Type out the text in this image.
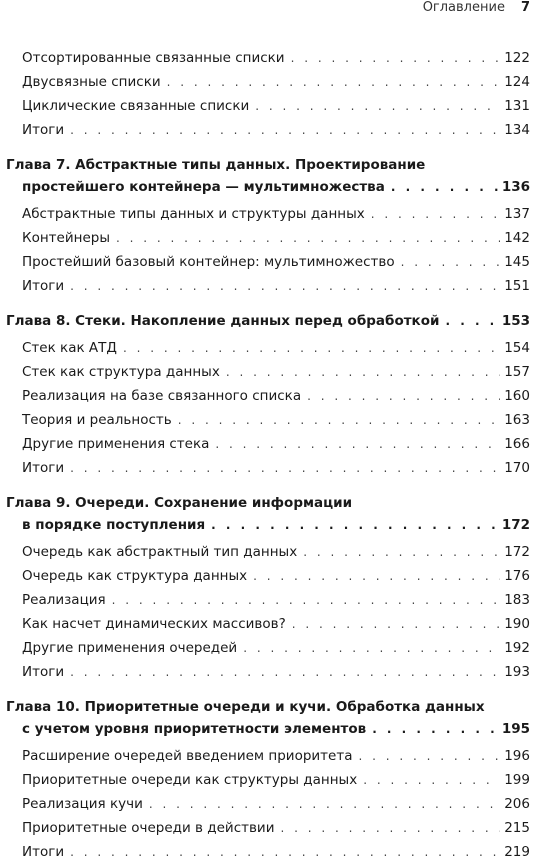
Оглавление 7
Отсортированные связанные списки . . .	122
Двусвязные списки . . .	124
Циклические связанные списки . . .	131
Итоги . . .	134
Глава 7. Абстрактные типы данных. Проектирование
простейшего контейнера — мультимножества . . .	136
Абстрактные типы данных и структуры данных . . .	137
Контейнеры . . .	142
Простейший базовый контейнер: мультимножество . . .	145
Итоги . . .	151
Глава 8. Стеки. Накопление данных перед обработкой . . .	153
Стек как АТД . . .	154
Стек как структура данных . . .	157
Реализация на базе связанного списка . . .	160
Теория и реальность . . .	163
Другие применения стека . . .	166
Итоги . . .	170
Глава 9. Очереди. Сохранение информации
в порядке поступления . . .	172
Очередь как абстрактный тип данных . . .	172
Очередь как структура данных . . .	176
Реализация . . .	183
Как насчет динамических массивов? . . .	190
Другие применения очередей . . .	192
Итоги . . .	193
Глава 10. Приоритетные очереди и кучи. Обработка данных
с учетом уровня приоритетности элементов . . .	195
Расширение очередей введением приоритета . . .	196
Приоритетные очереди как структуры данных . . .	199
Реализация кучи . . .	206
Приоритетные очереди в действии . . .	215
Итоги . . .	219
